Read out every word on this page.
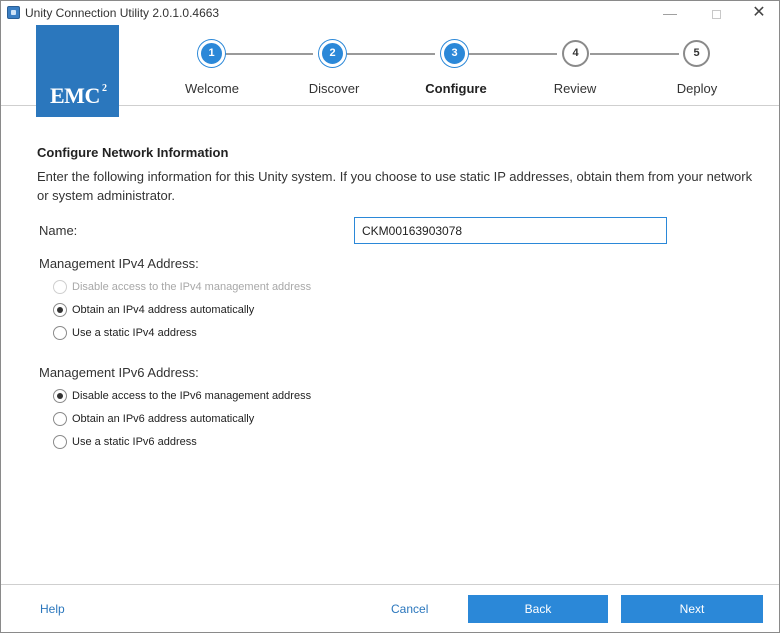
Unity Connection Utility 2.0.1.0.4663	—	✕
EMC 2
1	2	3	4	5
Welcome	Discover	Configure	Review	Deploy
Configure Network Information
Enter the following information for this Unity system. If you choose to use static IP addresses, obtain them from your network or system administrator.
Name:
CKM00163903078
Management IPv4 Address:
Disable access to the IPv4 management address
Obtain an IPv4 address automatically
Use a static IPv4 address
Management IPv6 Address:
Disable access to the IPv6 management address
Obtain an IPv6 address automatically
Use a static IPv6 address
Help	Cancel	Back	Next
